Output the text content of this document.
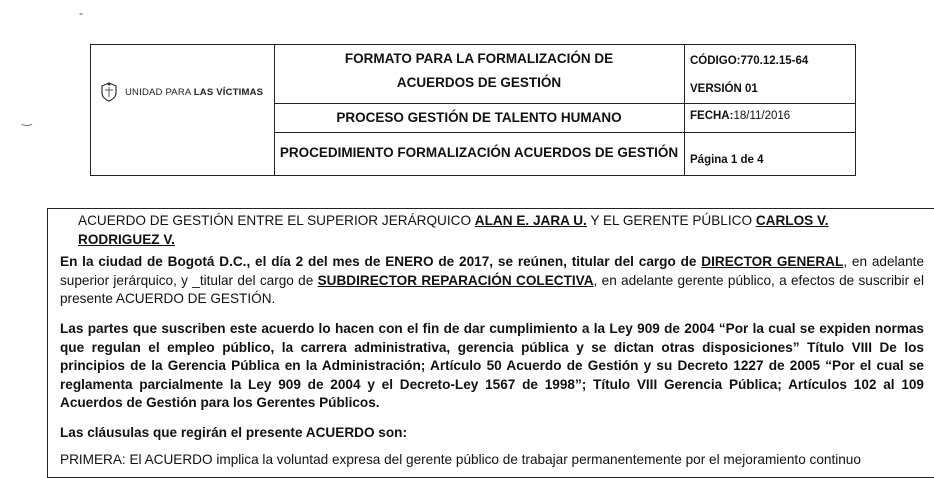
-
‿
UNIDAD PARA LAS VÍCTIMAS
FORMATO PARA LA FORMALIZACIÓN DE
ACUERDOS DE GESTIÓN
PROCESO GESTIÓN DE TALENTO HUMANO
PROCEDIMIENTO FORMALIZACIÓN ACUERDOS DE GESTIÓN
CÓDIGO:770.12.15-64
VERSIÓN 01
FECHA:18/11/2016
Página 1 de 4
ACUERDO DE GESTIÓN ENTRE EL SUPERIOR JERÁRQUICO ALAN E. JARA U. Y EL GERENTE PÚBLICO CARLOS V. RODRIGUEZ V.
En la ciudad de Bogotá D.C., el día 2 del mes de ENERO de 2017, se reúnen, titular del cargo de DIRECTOR GENERAL, en adelante superior jerárquico, y _titular del cargo de SUBDIRECTOR REPARACIÓN COLECTIVA, en adelante gerente público, a efectos de suscribir el presente ACUERDO DE GESTIÓN.
Las partes que suscriben este acuerdo lo hacen con el fin de dar cumplimiento a la Ley 909 de 2004 “Por la cual se expiden normas que regulan el empleo público, la carrera administrativa, gerencia pública y se dictan otras disposiciones” Título VIII De los principios de la Gerencia Pública en la Administración; Artículo 50 Acuerdo de Gestión y su Decreto 1227 de 2005 “Por el cual se reglamenta parcialmente la Ley 909 de 2004 y el Decreto-Ley 1567 de 1998”; Título VIII Gerencia Pública; Artículos 102 al 109 Acuerdos de Gestión para los Gerentes Públicos.
Las cláusulas que regirán el presente ACUERDO son:
PRIMERA: El ACUERDO implica la voluntad expresa del gerente público de trabajar permanentemente por el mejoramiento continuo
